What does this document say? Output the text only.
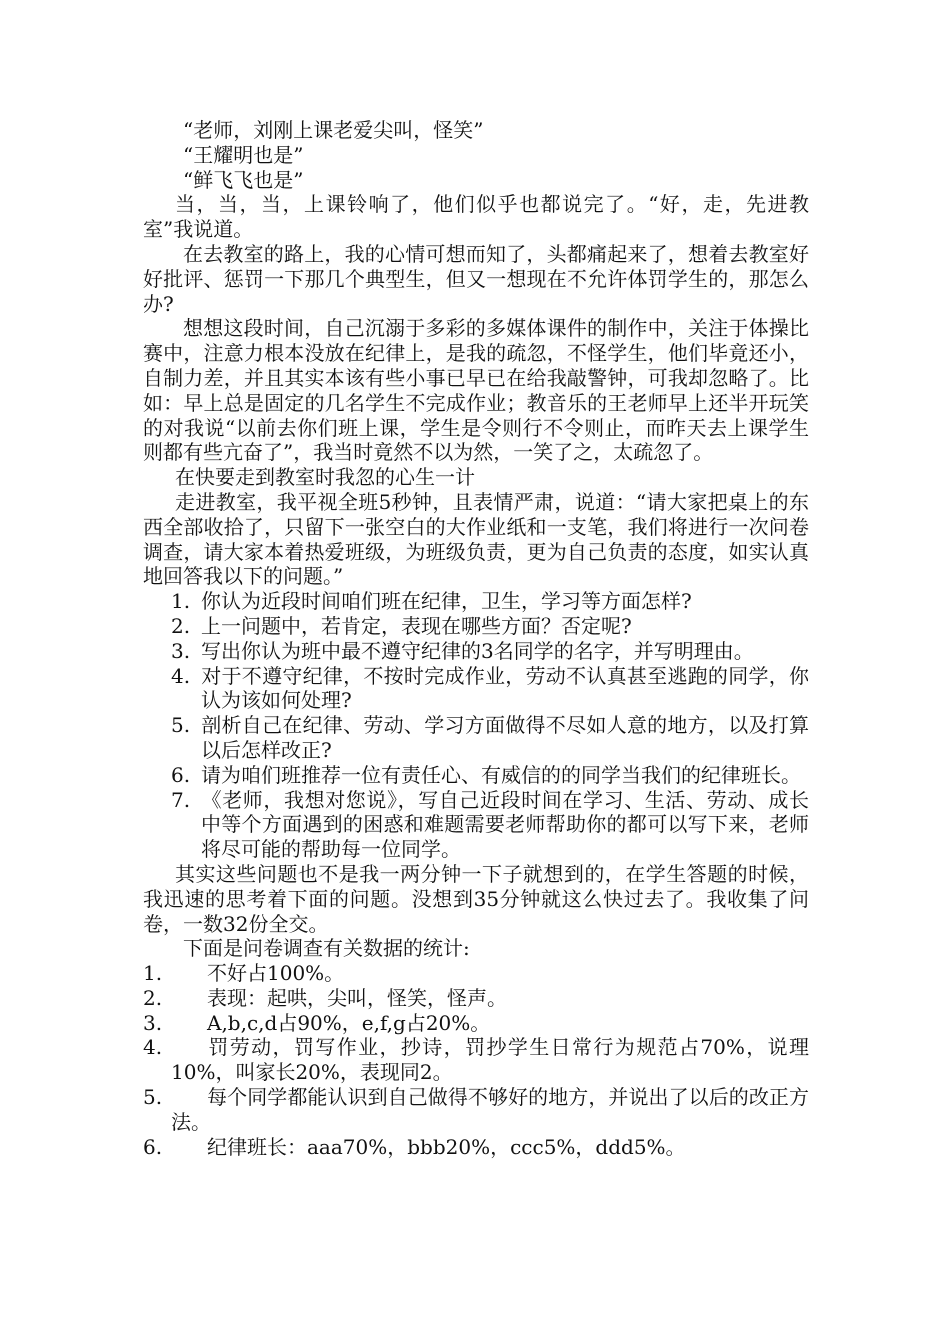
“老师，刘刚上课老爱尖叫，怪笑”

“王耀明也是”

“鲜飞飞也是”

当，当，当，上课铃响了，他们似乎也都说完了。“好，走，先进教室”我说道。

在去教室的路上，我的心情可想而知了，头都痛起来了，想着去教室好好批评、惩罚一下那几个典型生，但又一想现在不允许体罚学生的，那怎么办?

想想这段时间，自己沉溺于多彩的多媒体课件的制作中，关注于体操比赛中，注意力根本没放在纪律上，是我的疏忽，不怪学生，他们毕竟还小，自制力差，并且其实本该有些小事已早已在给我敲警钟，可我却忽略了。比如：早上总是固定的几名学生不完成作业；教音乐的王老师早上还半开玩笑的对我说“以前去你们班上课，学生是令则行不令则止，而昨天去上课学生则都有些亢奋了”，我当时竟然不以为然，一笑了之，太疏忽了。

在快要走到教室时我忽的心生一计

走进教室，我平视全班5秒钟，且表情严肃，说道：“请大家把桌上的东西全部收拾了，只留下一张空白的大作业纸和一支笔，我们将进行一次问卷调查，请大家本着热爱班级，为班级负责，更为自己负责的态度，如实认真地回答我以下的问题。”

1. 你认为近段时间咱们班在纪律，卫生，学习等方面怎样?

2. 上一问题中，若肯定，表现在哪些方面？否定呢?

3. 写出你认为班中最不遵守纪律的3名同学的名字，并写明理由。

4. 对于不遵守纪律，不按时完成作业，劳动不认真甚至逃跑的同学，你认为该如何处理?

5. 剖析自己在纪律、劳动、学习方面做得不尽如人意的地方，以及打算以后怎样改正?

6. 请为咱们班推荐一位有责任心、有威信的的同学当我们的纪律班长。

7. 《老师，我想对您说》，写自己近段时间在学习、生活、劳动、成长中等个方面遇到的困惑和难题需要老师帮助你的都可以写下来，老师将尽可能的帮助每一位同学。

其实这些问题也不是我一两分钟一下子就想到的，在学生答题的时候，我迅速的思考着下面的问题。没想到35分钟就这么快过去了。我收集了问卷，一数32份全交。

下面是问卷调查有关数据的统计:

1. 不好占100%。

2. 表现：起哄，尖叫，怪笑，怪声。

3. A,b,c,d占90%，e,f,g占20%。

4. 罚劳动，罚写作业，抄诗，罚抄学生日常行为规范占70%，说理10%，叫家长20%，表现同2。

5. 每个同学都能认识到自己做得不够好的地方，并说出了以后的改正方法。

6. 纪律班长：aaa70%，bbb20%，ccc5%，ddd5%。
